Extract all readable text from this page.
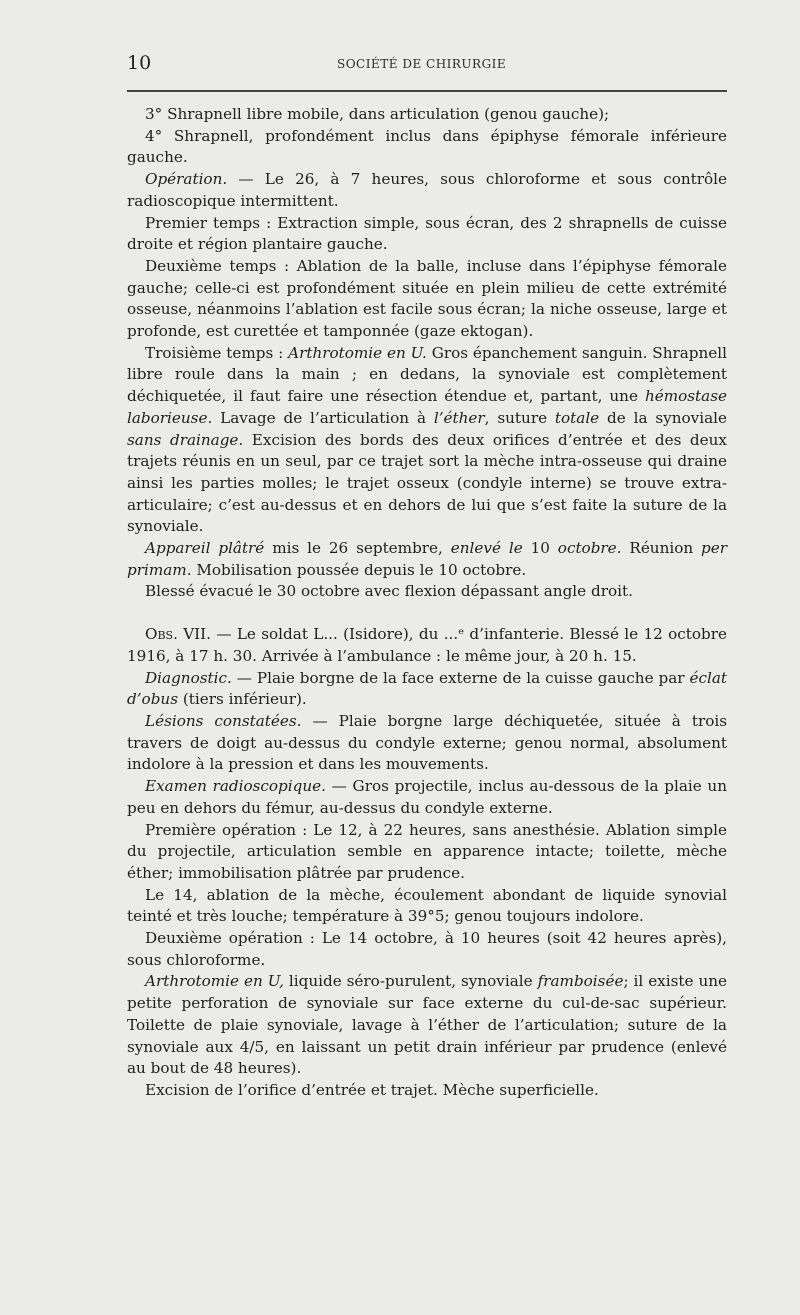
10	SOCIÉTÉ DE CHIRURGIE

3° Shrapnell libre mobile, dans articulation (genou gauche);

4° Shrapnell, profondément inclus dans épiphyse fémorale inférieure gauche.

Opération. — Le 26, à 7 heures, sous chloroforme et sous contrôle radioscopique intermittent.

Premier temps : Extraction simple, sous écran, des 2 shrapnells de cuisse droite et région plantaire gauche.

Deuxième temps : Ablation de la balle, incluse dans l’épiphyse fémorale gauche; celle-ci est profondément située en plein milieu de cette extrémité osseuse, néanmoins l’ablation est facile sous écran; la niche osseuse, large et profonde, est curettée et tamponnée (gaze ektogan).

Troisième temps : Arthrotomie en U. Gros épanchement sanguin. Shrapnell libre roule dans la main ; en dedans, la synoviale est complètement déchiquetée, il faut faire une résection étendue et, partant, une hémostase laborieuse. Lavage de l’articulation à l’éther, suture totale de la synoviale sans drainage. Excision des bords des deux orifices d’entrée et des deux trajets réunis en un seul, par ce trajet sort la mèche intra-osseuse qui draine ainsi les parties molles; le trajet osseux (condyle interne) se trouve extra-articulaire; c’est au-dessus et en dehors de lui que s’est faite la suture de la synoviale.

Appareil plâtré mis le 26 septembre, enlevé le 10 octobre. Réunion per primam. Mobilisation poussée depuis le 10 octobre.

Blessé évacué le 30 octobre avec flexion dépassant angle droit.

Obs. VII. — Le soldat L... (Isidore), du ...ᵉ d’infanterie. Blessé le 12 octobre 1916, à 17 h. 30. Arrivée à l’ambulance : le même jour, à 20 h. 15.

Diagnostic. — Plaie borgne de la face externe de la cuisse gauche par éclat d’obus (tiers inférieur).

Lésions constatées. — Plaie borgne large déchiquetée, située à trois travers de doigt au-dessus du condyle externe; genou normal, absolument indolore à la pression et dans les mouvements.

Examen radioscopique. — Gros projectile, inclus au-dessous de la plaie un peu en dehors du fémur, au-dessus du condyle externe.

Première opération : Le 12, à 22 heures, sans anesthésie. Ablation simple du projectile, articulation semble en apparence intacte; toilette, mèche éther; immobilisation plâtrée par prudence.

Le 14, ablation de la mèche, écoulement abondant de liquide synovial teinté et très louche; température à 39°5; genou toujours indolore.

Deuxième opération : Le 14 octobre, à 10 heures (soit 42 heures après), sous chloroforme.

Arthrotomie en U, liquide séro-purulent, synoviale framboisée; il existe une petite perforation de synoviale sur face externe du cul-de-sac supérieur. Toilette de plaie synoviale, lavage à l’éther de l’articulation; suture de la synoviale aux 4/5, en laissant un petit drain inférieur par prudence (enlevé au bout de 48 heures).

Excision de l’orifice d’entrée et trajet. Mèche superficielle.
